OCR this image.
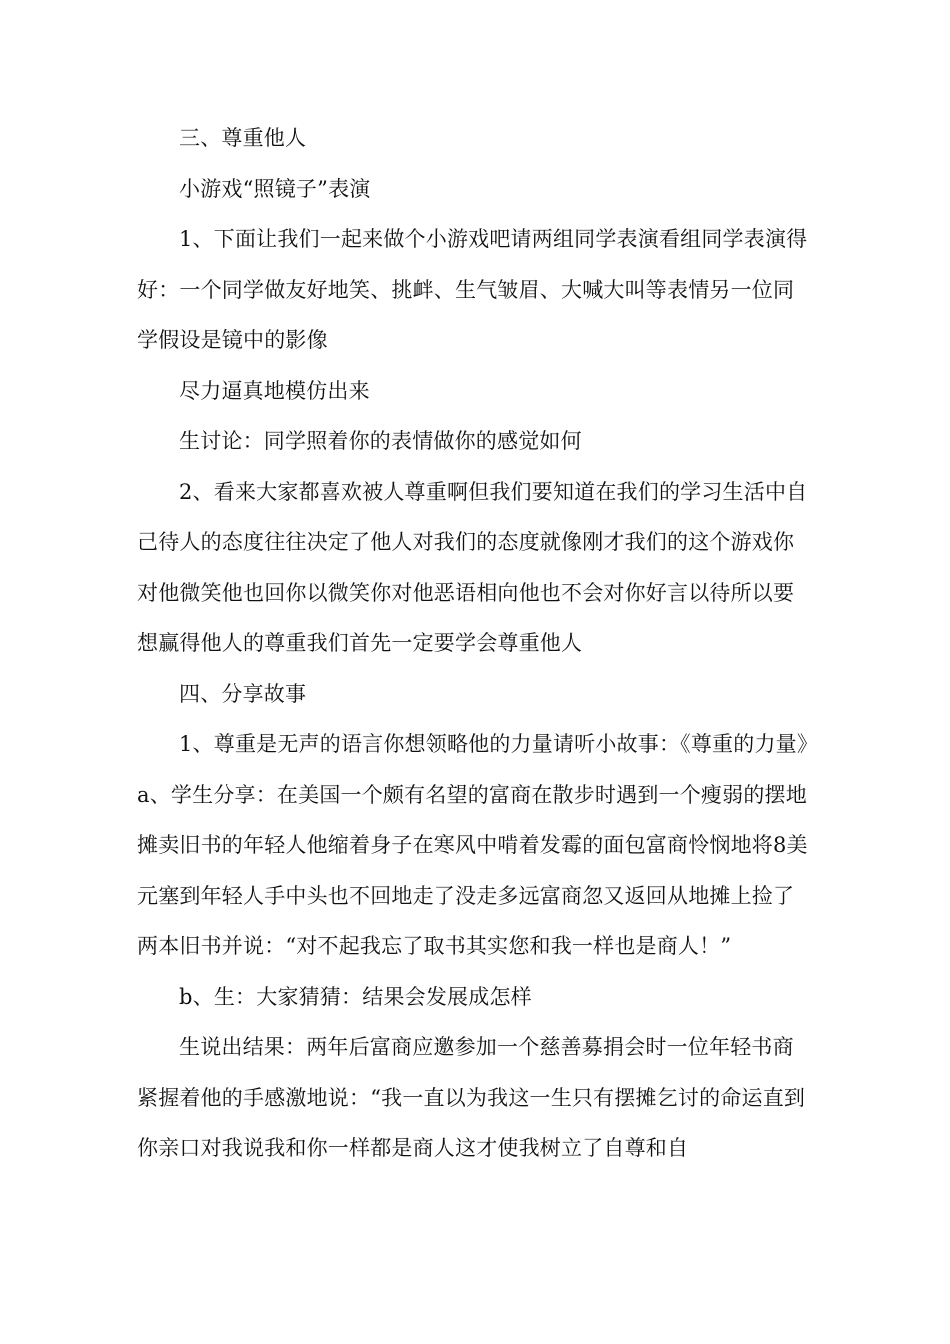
三、尊重他人

小游戏“照镜子”表演

1、下面让我们一起来做个小游戏吧请两组同学表演看组同学表演得好：一个同学做友好地笑、挑衅、生气皱眉、大喊大叫等表情另一位同学假设是镜中的影像

尽力逼真地模仿出来

生讨论：同学照着你的表情做你的感觉如何

2、看来大家都喜欢被人尊重啊但我们要知道在我们的学习生活中自己待人的态度往往决定了他人对我们的态度就像刚才我们的这个游戏你对他微笑他也回你以微笑你对他恶语相向他也不会对你好言以待所以要想赢得他人的尊重我们首先一定要学会尊重他人

四、分享故事

1、尊重是无声的语言你想领略他的力量请听小故事：《尊重的力量》a、学生分享：在美国一个颇有名望的富商在散步时遇到一个瘦弱的摆地摊卖旧书的年轻人他缩着身子在寒风中啃着发霉的面包富商怜悯地将8美元塞到年轻人手中头也不回地走了没走多远富商忽又返回从地摊上捡了两本旧书并说：“对不起我忘了取书其实您和我一样也是商人！”

b、生：大家猜猜：结果会发展成怎样

生说出结果：两年后富商应邀参加一个慈善募捐会时一位年轻书商紧握着他的手感激地说：“我一直以为我这一生只有摆摊乞讨的命运直到你亲口对我说我和你一样都是商人这才使我树立了自尊和自
